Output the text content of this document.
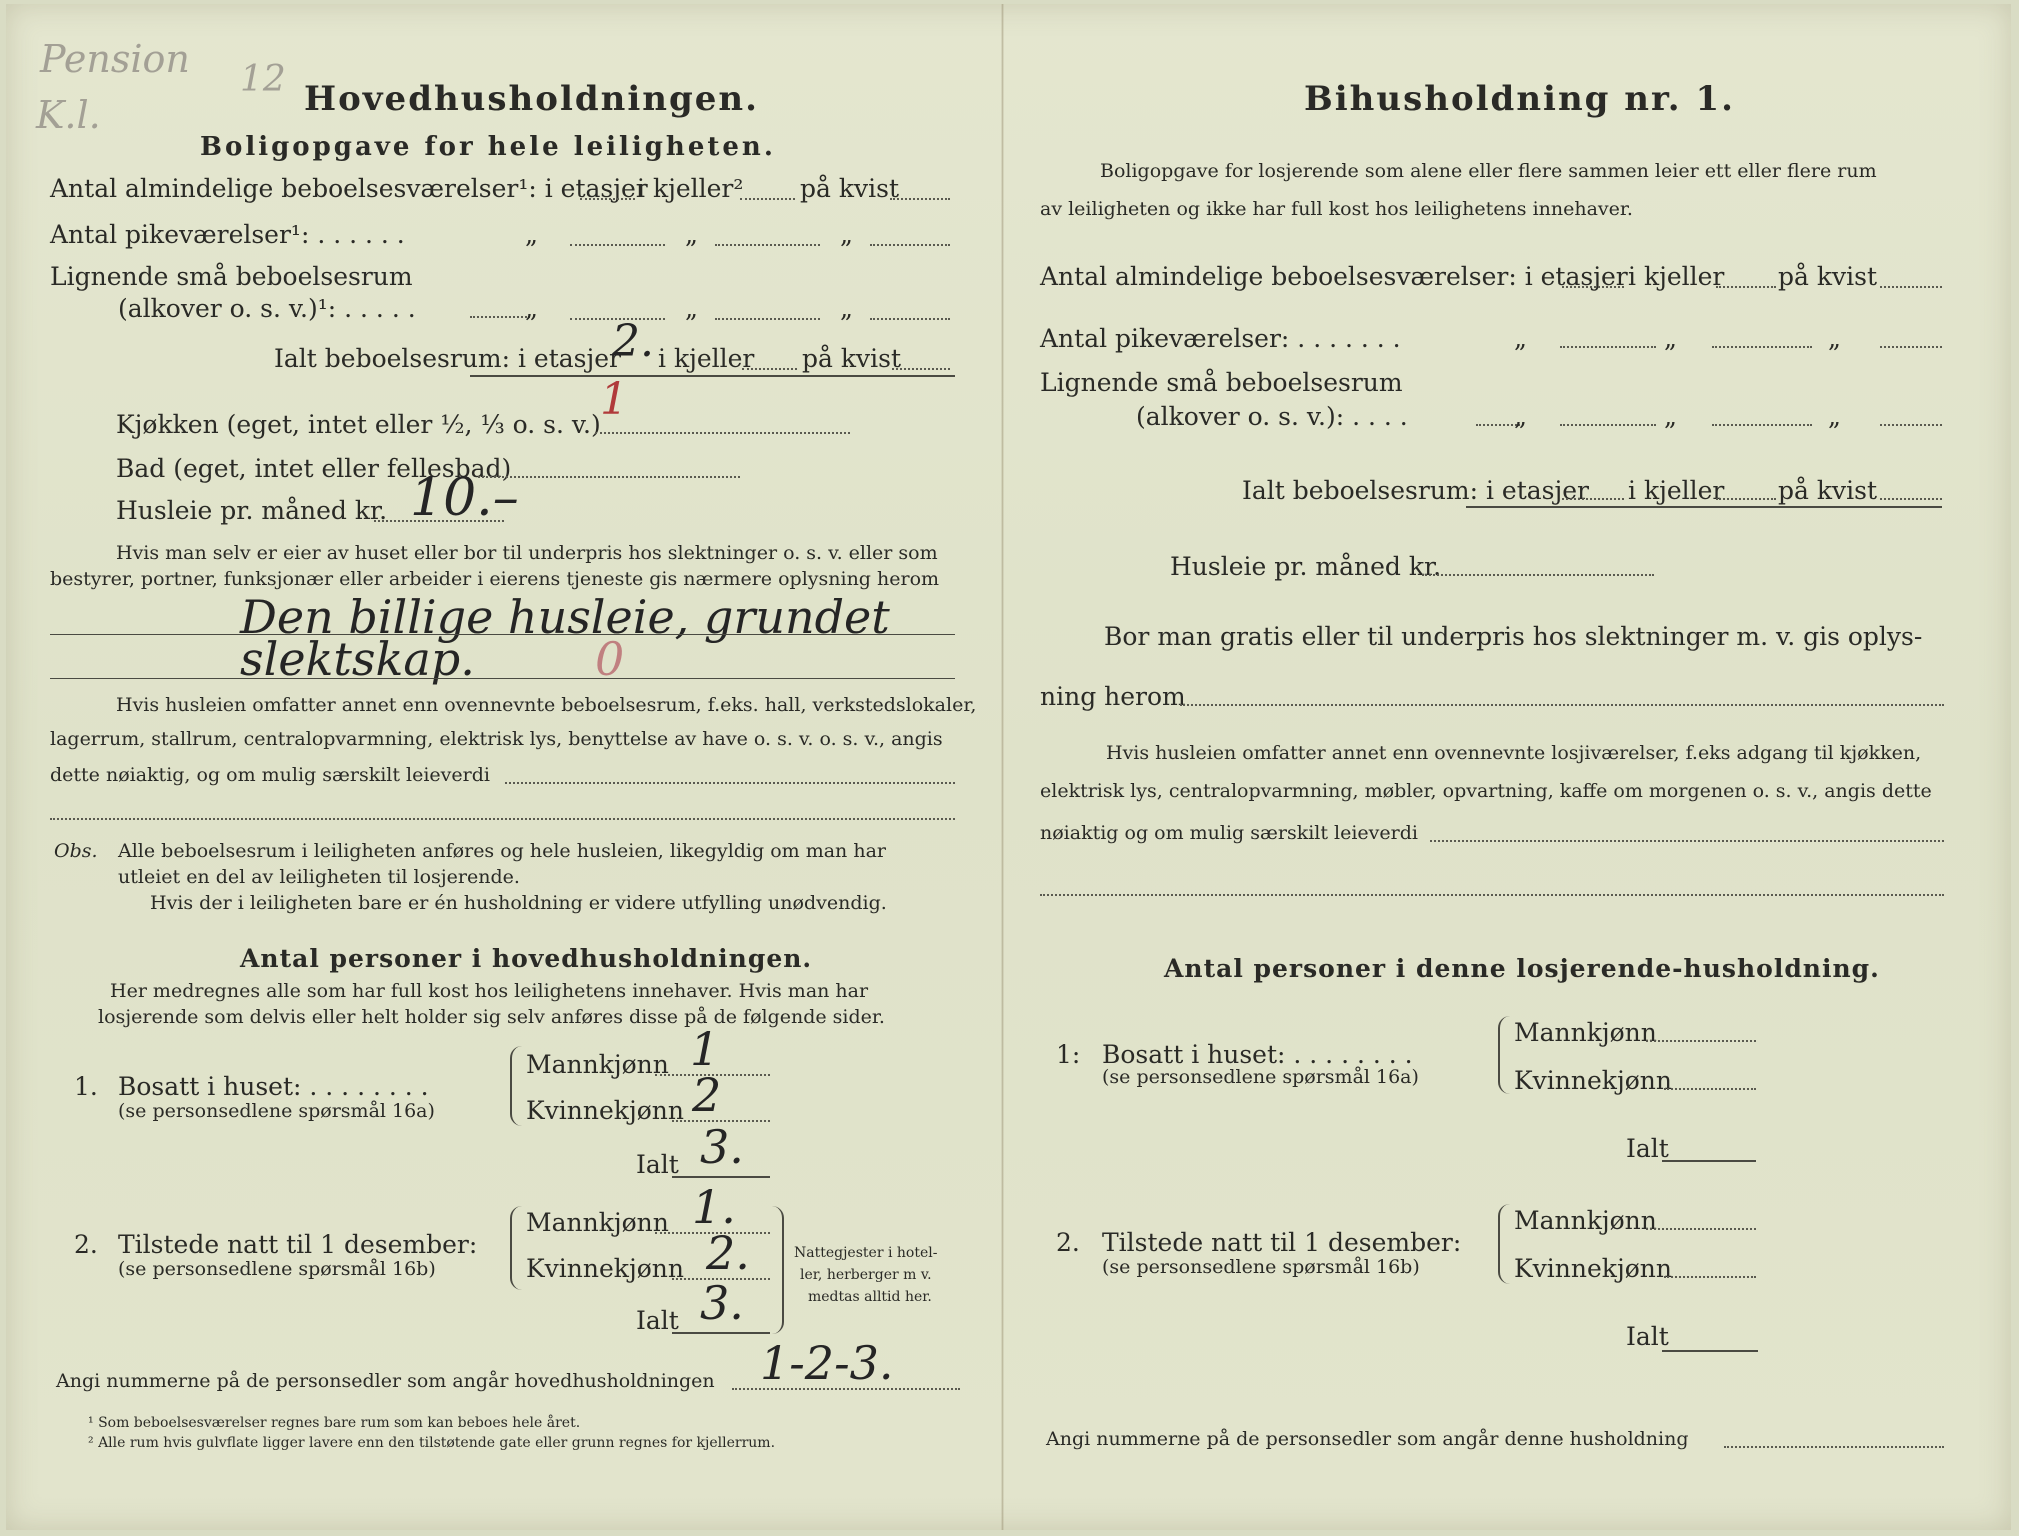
Pension
K.l.
12 Hovedhusholdningen.
Boligopgave for hele leiligheten.
Antal almindelige beboelsesværelser¹: i etasjer
i kjeller² på kvist
Antal pikeværelser¹: . . . . . .	„	„	„
Lignende små beboelsesrum
(alkover o. s. v.)¹: . . . . .	„	„	„
Ialt beboelsesrum: i etasjer
2. i kjeller på kvist
Kjøkken (eget, intet eller ½, ⅓ o. s. v.) 1
Bad (eget, intet eller fellesbad)
Husleie pr. måned kr. 10.–
Hvis man selv er eier av huset eller bor til underpris hos slektninger o. s. v. eller som
bestyrer, portner, funksjonær eller arbeider i eierens tjeneste gis nærmere oplysning herom
Den billige husleie, grundet
slektskap.	0
Hvis husleien omfatter annet enn ovennevnte beboelsesrum, f.eks. hall, verkstedslokaler,
lagerrum, stallrum, centralopvarmning, elektrisk lys, benyttelse av have o. s. v. o. s. v., angis
dette nøiaktig, og om mulig særskilt leieverdi
Obs. Alle beboelsesrum i leiligheten anføres og hele husleien, likegyldig om man har
utleiet en del av leiligheten til losjerende.
Hvis der i leiligheten bare er én husholdning er videre utfylling unødvendig.
Antal personer i hovedhusholdningen.
Her medregnes alle som har full kost hos leilighetens innehaver. Hvis man har
losjerende som delvis eller helt holder sig selv anføres disse på de følgende sider.
1. Bosatt i huset: . . . . . . . .
(se personsedlene spørsmål 16a)
Mannkjønn 1
Kvinnekjønn 2
Ialt 3.
2. Tilstede natt til 1 desember:
(se personsedlene spørsmål 16b)
Mannkjønn 1.
Kvinnekjønn 2.
Ialt 3.
Nattegjester i hotel-
ler, herberger m v.
medtas alltid her.
Angi nummerne på de personsedler som angår hovedhusholdningen 1-2-3.
¹ Som beboelsesværelser regnes bare rum som kan beboes hele året.
² Alle rum hvis gulvflate ligger lavere enn den tilstøtende gate eller grunn regnes for kjellerrum.
Bihusholdning nr. 1.
Boligopgave for losjerende som alene eller flere sammen leier ett eller flere rum
av leiligheten og ikke har full kost hos leilighetens innehaver.
Antal almindelige beboelsesværelser: i etasjer i kjeller på kvist
Antal pikeværelser: . . . . . . .	„	„	„
Lignende små beboelsesrum
(alkover o. s. v.): . . . .	„	„	„
Ialt beboelsesrum: i etasjer i kjeller på kvist
Husleie pr. måned kr.
Bor man gratis eller til underpris hos slektninger m. v. gis oplys-
ning herom
Hvis husleien omfatter annet enn ovennevnte losjiværelser, f.eks adgang til kjøkken,
elektrisk lys, centralopvarmning, møbler, opvartning, kaffe om morgenen o. s. v., angis dette
nøiaktig og om mulig særskilt leieverdi
Antal personer i denne losjerende-husholdning.
1: Bosatt i huset: . . . . . . . .
(se personsedlene spørsmål 16a)
Mannkjønn
Kvinnekjønn
Ialt
2. Tilstede natt til 1 desember:
(se personsedlene spørsmål 16b)
Mannkjønn
Kvinnekjønn
Ialt
Angi nummerne på de personsedler som angår denne husholdning
